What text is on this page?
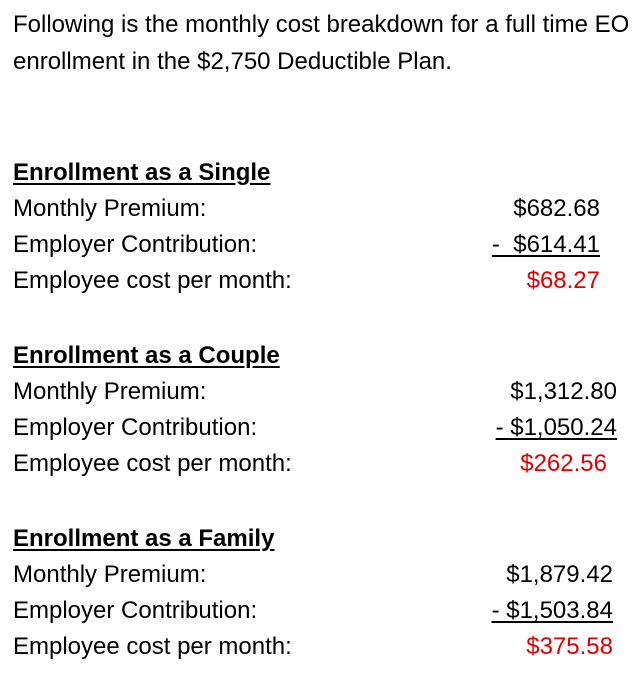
Following is the monthly cost breakdown for a full time EO enrollment in the $2,750 Deductible Plan.
Enrollment as a Single
Monthly Premium:	$682.68
Employer Contribution:	-  $614.41
Employee cost per month:	$68.27
Enrollment as a Couple
Monthly Premium:	$1,312.80
Employer Contribution:	- $1,050.24
Employee cost per month:	$262.56
Enrollment as a Family
Monthly Premium:	$1,879.42
Employer Contribution:	- $1,503.84
Employee cost per month:	$375.58
